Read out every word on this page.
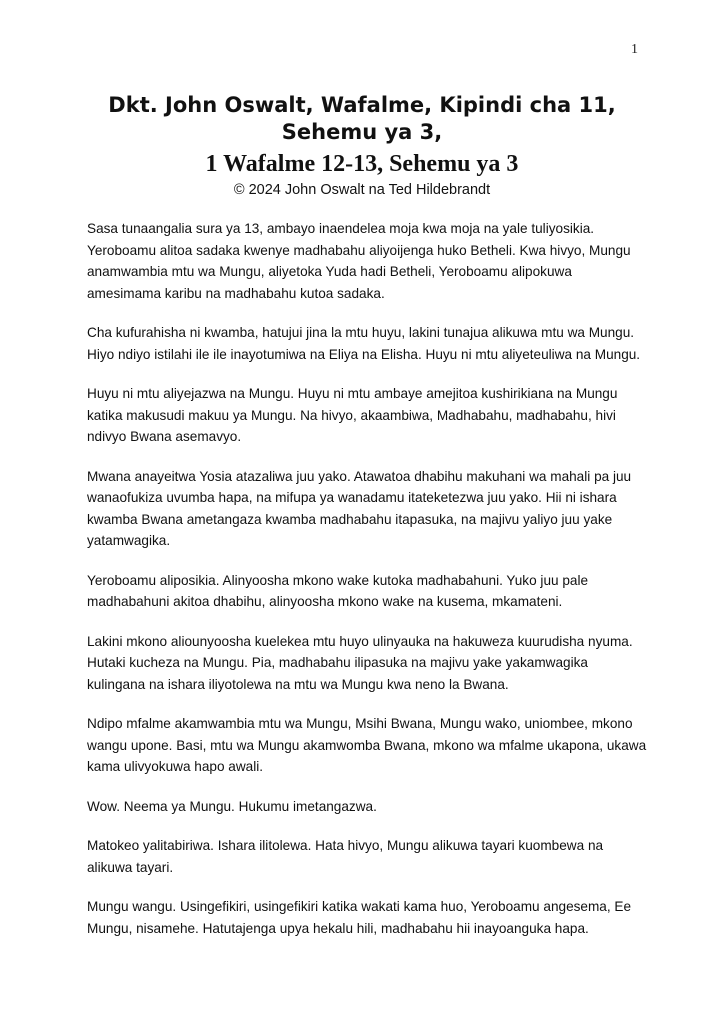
1
Dkt. John Oswalt, Wafalme, Kipindi cha 11, Sehemu ya 3,
1 Wafalme 12-13, Sehemu ya 3
© 2024 John Oswalt na Ted Hildebrandt

Sasa tunaangalia sura ya 13, ambayo inaendelea moja kwa moja na yale tuliyosikia. Yeroboamu alitoa sadaka kwenye madhabahu aliyoijenga huko Betheli. Kwa hivyo, Mungu anamwambia mtu wa Mungu, aliyetoka Yuda hadi Betheli, Yeroboamu alipokuwa amesimama karibu na madhabahu kutoa sadaka.

Cha kufurahisha ni kwamba, hatujui jina la mtu huyu, lakini tunajua alikuwa mtu wa Mungu. Hiyo ndiyo istilahi ile ile inayotumiwa na Eliya na Elisha. Huyu ni mtu aliyeteuliwa na Mungu.

Huyu ni mtu aliyejazwa na Mungu. Huyu ni mtu ambaye amejitoa kushirikiana na Mungu katika makusudi makuu ya Mungu. Na hivyo, akaambiwa, Madhabahu, madhabahu, hivi ndivyo Bwana asemavyo.

Mwana anayeitwa Yosia atazaliwa juu yako. Atawatoa dhabihu makuhani wa mahali pa juu wanaofukiza uvumba hapa, na mifupa ya wanadamu itateketezwa juu yako. Hii ni ishara kwamba Bwana ametangaza kwamba madhabahu itapasuka, na majivu yaliyo juu yake yatamwagika.

Yeroboamu aliposikia. Alinyoosha mkono wake kutoka madhabahuni. Yuko juu pale madhabahuni akitoa dhabihu, alinyoosha mkono wake na kusema, mkamateni.

Lakini mkono aliounyoosha kuelekea mtu huyo ulinyauka na hakuweza kuurudisha nyuma. Hutaki kucheza na Mungu. Pia, madhabahu ilipasuka na majivu yake yakamwagika kulingana na ishara iliyotolewa na mtu wa Mungu kwa neno la Bwana.

Ndipo mfalme akamwambia mtu wa Mungu, Msihi Bwana, Mungu wako, uniombee, mkono wangu upone. Basi, mtu wa Mungu akamwomba Bwana, mkono wa mfalme ukapona, ukawa kama ulivyokuwa hapo awali.

Wow. Neema ya Mungu. Hukumu imetangazwa.

Matokeo yalitabiriwa. Ishara ilitolewa. Hata hivyo, Mungu alikuwa tayari kuombewa na alikuwa tayari.

Mungu wangu. Usingefikiri, usingefikiri katika wakati kama huo, Yeroboamu angesema, Ee Mungu, nisamehe. Hatutajenga upya hekalu hili, madhabahu hii inayoanguka hapa.
